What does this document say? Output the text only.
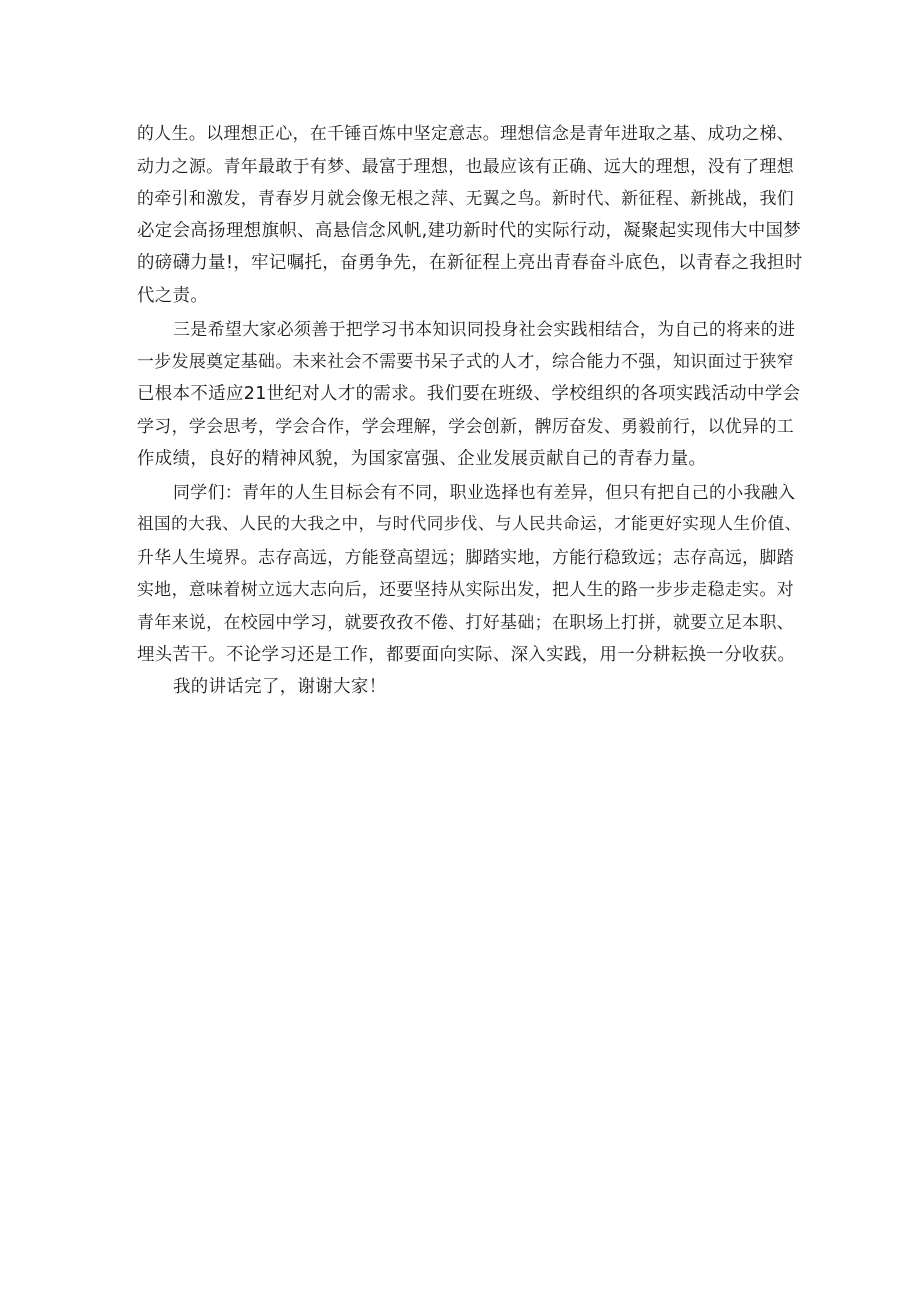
的人生。以理想正心，在千锤百炼中坚定意志。理想信念是青年进取之基、成功之梯、
动力之源。青年最敢于有梦、最富于理想，也最应该有正确、远大的理想，没有了理想
的牵引和激发，青春岁月就会像无根之萍、无翼之鸟。新时代、新征程、新挑战，我们
必定会高扬理想旗帜、高悬信念风帆,建功新时代的实际行动，凝聚起实现伟大中国梦
的磅礴力量!，牢记嘱托，奋勇争先，在新征程上亮出青春奋斗底色，以青春之我担时
代之责。
三是希望大家必须善于把学习书本知识同投身社会实践相结合，为自己的将来的进
一步发展奠定基础。未来社会不需要书呆子式的人才，综合能力不强，知识面过于狭窄
已根本不适应21世纪对人才的需求。我们要在班级、学校组织的各项实践活动中学会
学习，学会思考，学会合作，学会理解，学会创新，髀厉奋发、勇毅前行，以优异的工
作成绩，良好的精神风貌，为国家富强、企业发展贡献自己的青春力量。
同学们：青年的人生目标会有不同，职业选择也有差异，但只有把自己的小我融入
祖国的大我、人民的大我之中，与时代同步伐、与人民共命运，才能更好实现人生价值、
升华人生境界。志存高远，方能登高望远；脚踏实地，方能行稳致远；志存高远，脚踏
实地，意味着树立远大志向后，还要坚持从实际出发，把人生的路一步步走稳走实。对
青年来说，在校园中学习，就要孜孜不倦、打好基础；在职场上打拼，就要立足本职、
埋头苦干。不论学习还是工作，都要面向实际、深入实践，用一分耕耘换一分收获。
我的讲话完了，谢谢大家！
